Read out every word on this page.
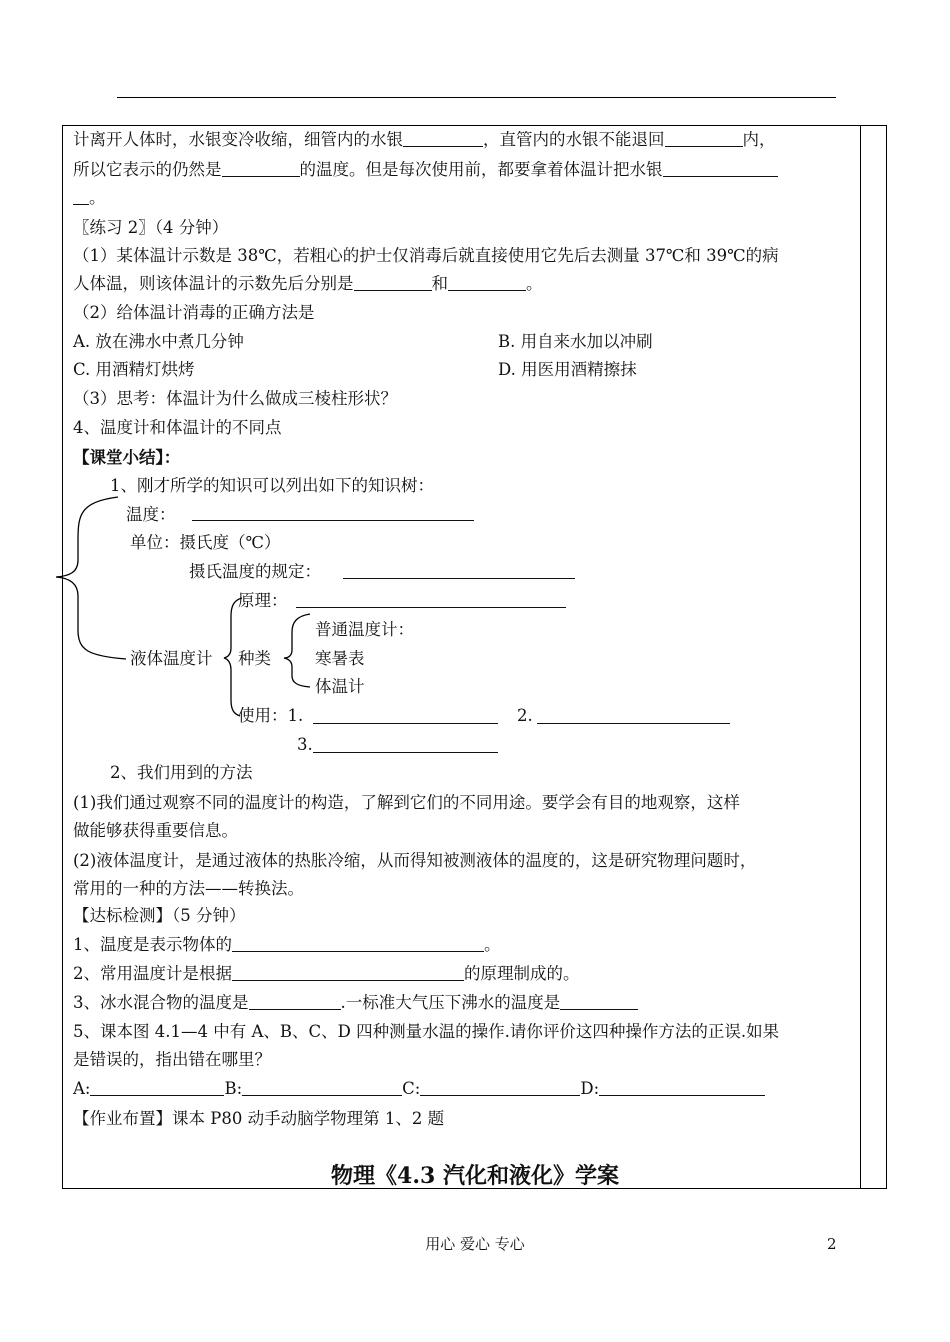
计离开人体时，水银变冷收缩，细管内的水银	，直管内的水银不能退回	内，
所以它表示的仍然是	的温度。但是每次使用前，都要拿着体温计把水银
。
〖练习 2〗（4 分钟）
（1）某体温计示数是 38℃，若粗心的护士仅消毒后就直接使用它先后去测量 37℃和 39℃的病
人体温，则该体温计的示数先后分别是	和	。
（2）给体温计消毒的正确方法是
A. 放在沸水中煮几分钟	B. 用自来水加以冲刷
C. 用酒精灯烘烤	D. 用医用酒精擦抹
（3）思考：体温计为什么做成三棱柱形状？
4、温度计和体温计的不同点
【课堂小结】：
1、刚才所学的知识可以列出如下的知识树：
温度：
单位：摄氏度（℃）
摄氏温度的规定：
原理：
普通温度计：
液体温度计 种类	寒暑表
体温计
使用：1.	2.
3.
2、我们用到的方法
(1)我们通过观察不同的温度计的构造，了解到它们的不同用途。要学会有目的地观察，这样
做能够获得重要信息。
(2)液体温度计，是通过液体的热胀冷缩，从而得知被测液体的温度的，这是研究物理问题时，
常用的一种的方法——转换法。
【达标检测】（5 分钟）
1、温度是表示物体的	。
2、常用温度计是根据	的原理制成的。
3、冰水混合物的温度是	.一标准大气压下沸水的温度是
5、课本图 4.1—4 中有 A、B、C、D 四种测量水温的操作.请你评价这四种操作方法的正误.如果
是错误的，指出错在哪里？
A:	B:	C:	D:
【作业布置】课本 P80 动手动脑学物理第 1、2 题
物理《4.3 汽化和液化》学案
用心 爱心 专心	2
